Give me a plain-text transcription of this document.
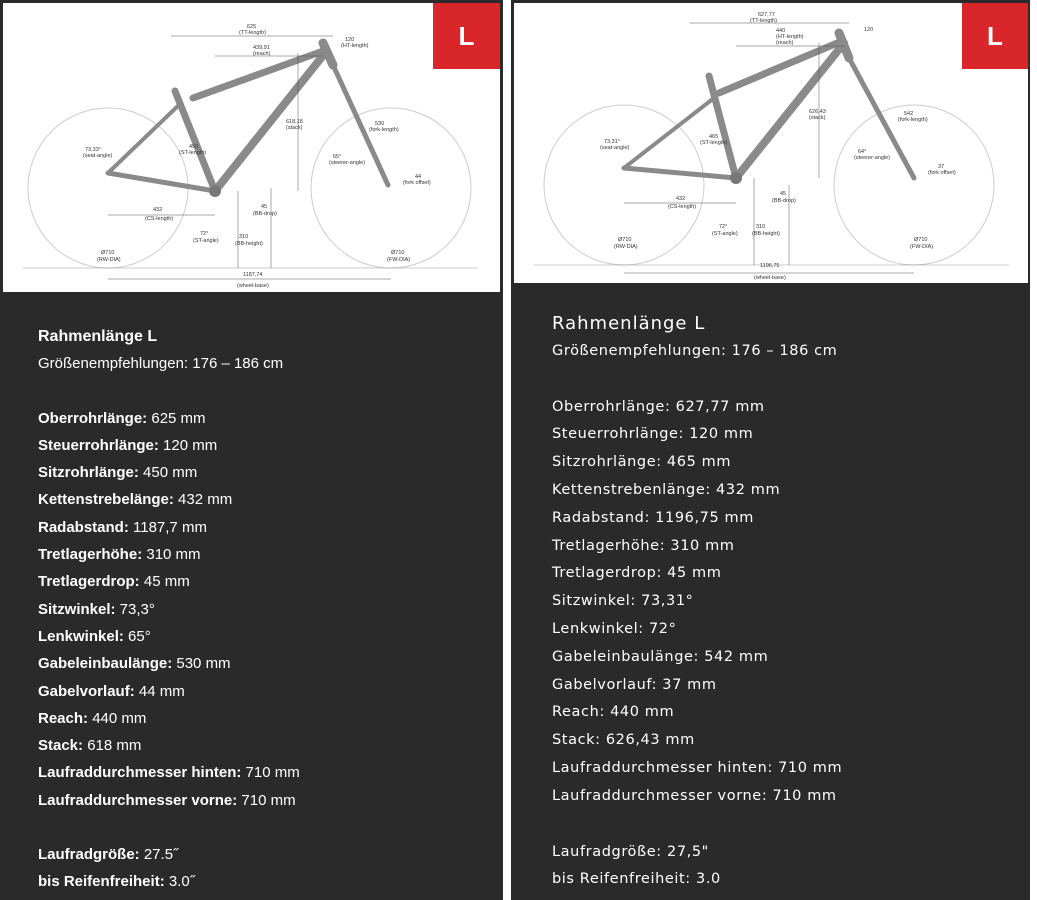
625
(TT-length)
439,91
(reach)
120
(HT-length)
618,18
(stack)
530
(fork-length)
450
(ST-length)
73,33°
(seat-angle)	65°
(steerer-angle)
44
(fork offset)
432
(CS-length)
45
(BB-drop)
310
(BB-height)
72°
(ST-angle)
Ø710
(RW-DIA)
Ø710
(FW-DIA)
1187,74
(wheel-base)
L
Rahmenlänge L
Größenempfehlungen: 176 – 186 cm
Oberrohrlänge: 625 mm
Steuerrohrlänge: 120 mm
Sitzrohrlänge: 450 mm
Kettenstrebelänge: 432 mm
Radabstand: 1187,7 mm
Tretlagerhöhe: 310 mm
Tretlagerdrop: 45 mm
Sitzwinkel: 73,3°
Lenkwinkel: 65°
Gabeleinbaulänge: 530 mm
Gabelvorlauf: 44 mm
Reach: 440 mm
Stack: 618 mm
Laufraddurchmesser hinten: 710 mm
Laufraddurchmesser vorne: 710 mm
Laufradgröße: 27.5˝
bis Reifenfreiheit: 3.0˝
627,77
(TT-length)
(HT-length)
440
(reach)
120
626,43
(stack)
542
(fork-length)
465
(ST-length)
73,31°
(seat-angle)
64°
(steerer-angle)
37
(fork offset)
432
(CS-length)
45
(BB-drop)
310
(BB-height)
72°
(ST-angle)
Ø710
(RW-DIA)
Ø710
(FW-DIA)
1196,75
(wheel-base)
L
Rahmenlänge L
Größenempfehlungen: 176 – 186 cm
Oberrohrlänge: 627,77 mm
Steuerrohrlänge: 120 mm
Sitzrohrlänge: 465 mm
Kettenstrebenlänge: 432 mm
Radabstand: 1196,75 mm
Tretlagerhöhe: 310 mm
Tretlagerdrop: 45 mm
Sitzwinkel: 73,31°
Lenkwinkel: 72°
Gabeleinbaulänge: 542 mm
Gabelvorlauf: 37 mm
Reach: 440 mm
Stack: 626,43 mm
Laufraddurchmesser hinten: 710 mm
Laufraddurchmesser vorne: 710 mm
Laufradgröße: 27,5"
bis Reifenfreiheit: 3.0
